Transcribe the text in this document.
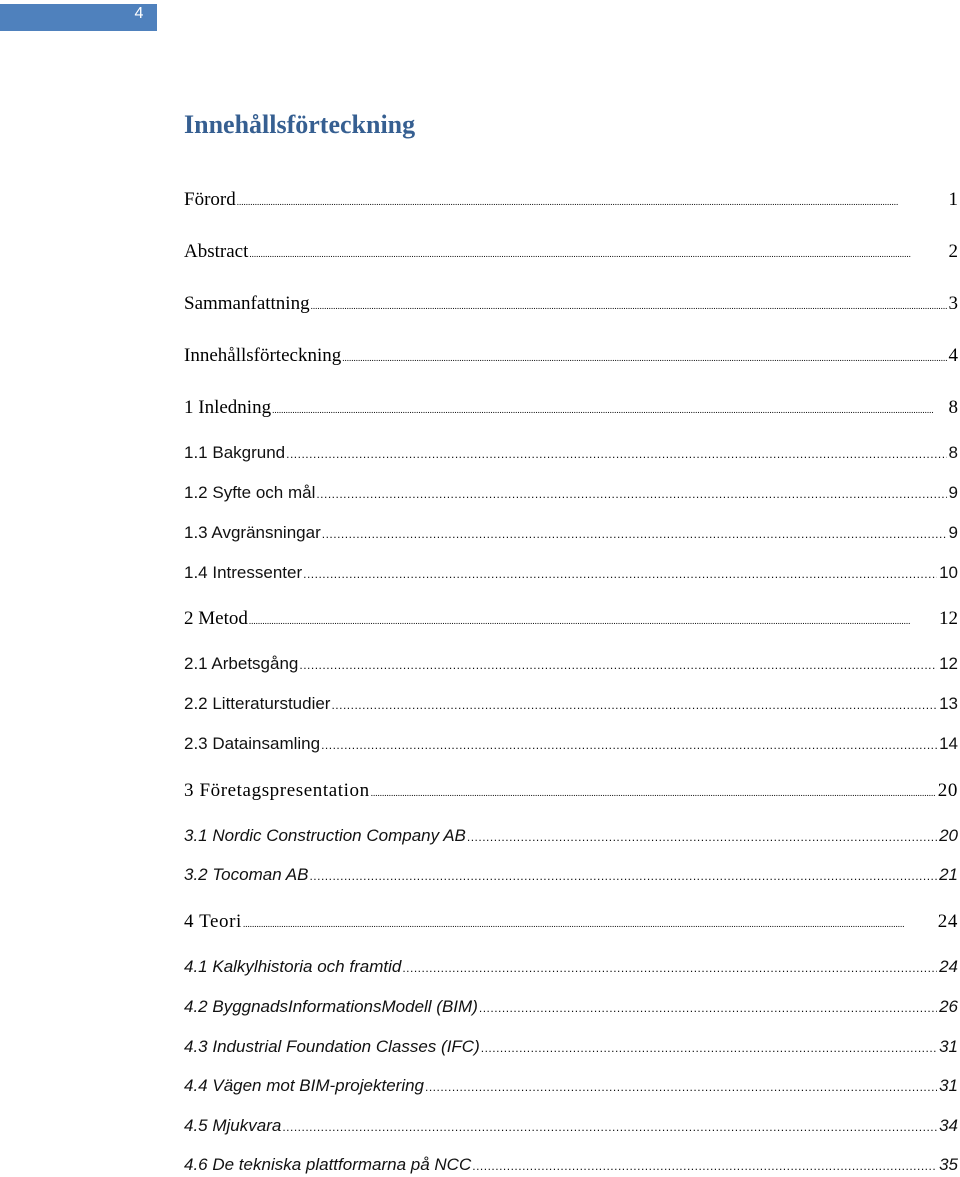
4
Innehållsförteckning
Förord .....	1
Abstract .....	2
Sammanfattning .....	3
Innehållsförteckning .....	4
1 Inledning .....	8
1.1 Bakgrund .....	8
1.2 Syfte och mål .....	9
1.3 Avgränsningar .....	9
1.4 Intressenter .....	10
2 Metod .....	12
2.1 Arbetsgång .....	12
2.2 Litteraturstudier .....	13
2.3 Datainsamling .....	14
3 Företagspresentation .....	20
3.1 Nordic Construction Company AB .....	20
3.2 Tocoman AB .....	21
4 Teori .....	24
4.1 Kalkylhistoria och framtid .....	24
4.2 ByggnadsInformationsModell (BIM) .....	26
4.3 Industrial Foundation Classes (IFC) .....	31
4.4 Vägen mot BIM-projektering .....	31
4.5 Mjukvara .....	34
4.6 De tekniska plattformarna på NCC .....	35
